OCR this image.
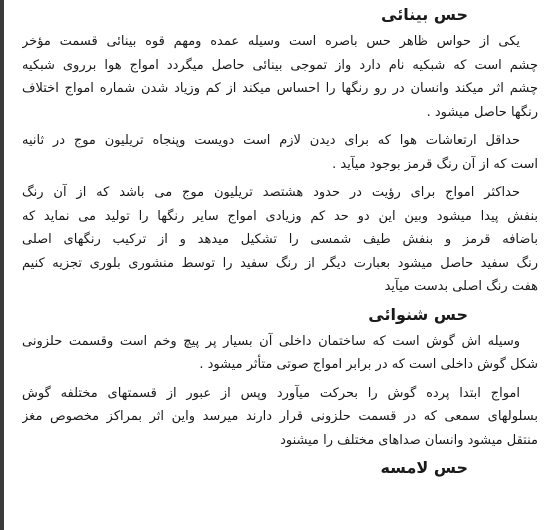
حس بینائی
یکی از حواس ظاهر حس باصره است وسیله عمده ومهم قوه بینائی قسمت مؤخر
چشم است که شبکیه نام دارد واز تموجی بینائی حاصل میگردد امواج هوا برروی شبکیه
چشم اثر میکند وانسان در رو رنگها را احساس میکند از کم وزیاد شدن شماره امواج اختلاف
رنگها حاصل میشود .
حداقل ارتعاشات هوا که برای دیدن لازم است دویست وپنجاه تریلیون موج در ثانیه
است که از آن رنگ قرمز بوجود میآید .
حداکثر امواج برای رؤیت در حدود هشتصد تریلیون موج می باشد که از آن رنگ
بنفش پیدا میشود وبین این دو حد کم وزیادی امواج سایر رنگها را تولید می نماید که
باضافه قرمز و بنفش طیف شمسی را تشکیل میدهد و از ترکیب رنگهای اصلی
رنگ سفید حاصل میشود بعبارت دیگر از رنگ سفید را توسط منشوری بلوری تجزیه کنیم
هفت رنگ اصلی بدست میآید
حس شنوائی
وسیله اش گوش است که ساختمان داخلی آن بسیار پر پیچ وخم است وقسمت حلزونی
شکل گوش داخلی است که در برابر امواج صوتی متأثر میشود .
امواج ابتدا پرده گوش را بحرکت میآورد وپس از عبور از قسمتهای مختلفه گوش
بسلولهای سمعی که در قسمت حلزونی قرار دارند میرسد واین اثر بمراکز مخصوص مغز
منتقل میشود وانسان صداهای مختلف را میشنود
حس لامسه
